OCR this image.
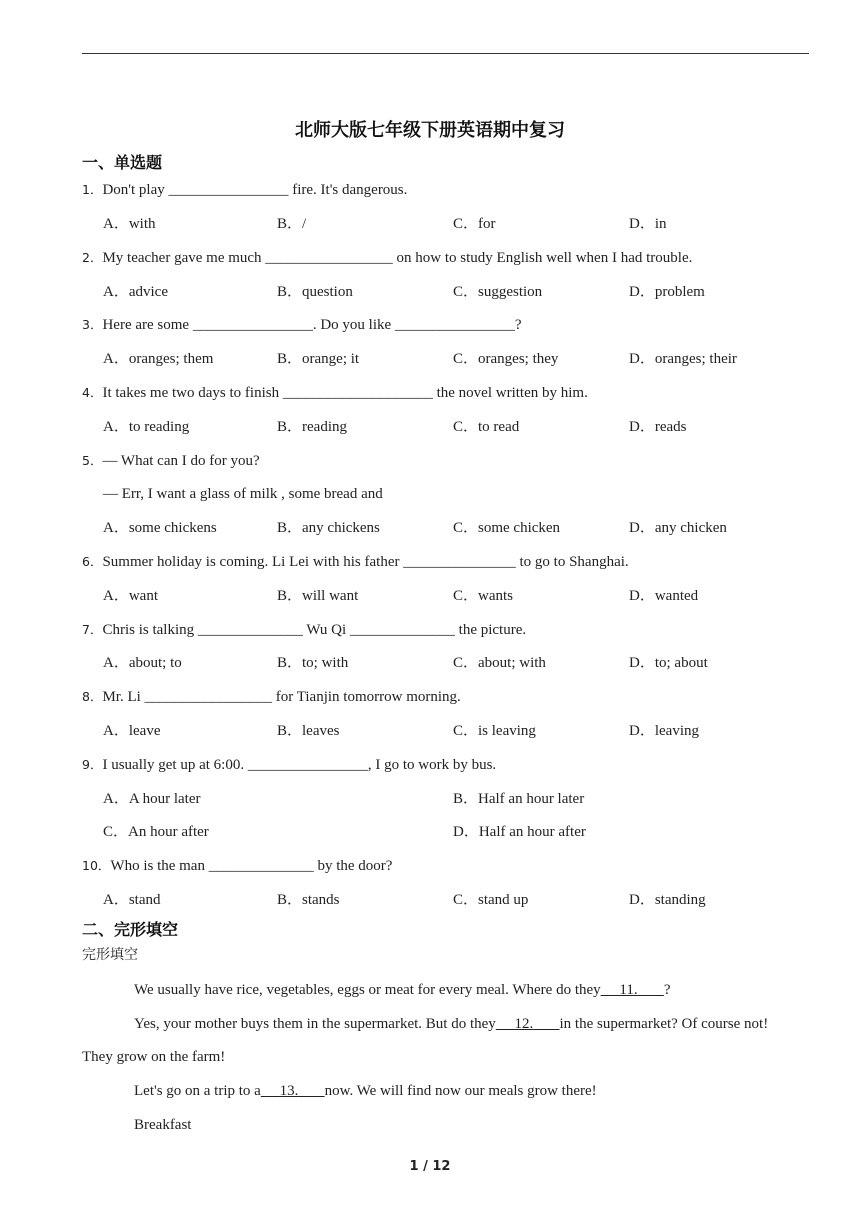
北师大版七年级下册英语期中复习
一、单选题
1．Don't play ________________ fire. It's dangerous.
A．with	B．/	C．for	D．in
2．My teacher gave me much _________________ on how to study English well when I had trouble.
A．advice	B．question	C．suggestion	D．problem
3．Here are some ________________. Do you like ________________?
A．oranges; them	B．orange; it	C．oranges; they	D．oranges; their
4．It takes me two days to finish ____________________ the novel written by him.
A．to reading	B．reading	C．to read	D．reads
5．— What can I do for you?
— Err, I want a glass of milk , some bread and
A．some chickens	B．any chickens	C．some chicken	D．any chicken
6．Summer holiday is coming. Li Lei with his father _______________ to go to Shanghai.
A．want	B．will want	C．wants	D．wanted
7．Chris is talking ______________ Wu Qi ______________ the picture.
A．about; to	B．to; with	C．about; with	D．to; about
8．Mr. Li _________________ for Tianjin tomorrow morning.
A．leave	B．leaves	C．is leaving	D．leaving
9．I usually get up at 6:00. ________________, I go to work by bus.
A．A hour later	B．Half an hour later
C．An hour after	D．Half an hour after
10．Who is the man ______________ by the door?
A．stand	B．stands	C．stand up	D．standing
二、完形填空
完形填空
We usually have rice, vegetables, eggs or meat for every meal. Where do they 11. ?
Yes, your mother buys them in the supermarket. But do they 12. in the supermarket? Of course not!
They grow on the farm!
Let's go on a trip to a 13. now. We will find now our meals grow there!
Breakfast
1 / 12
